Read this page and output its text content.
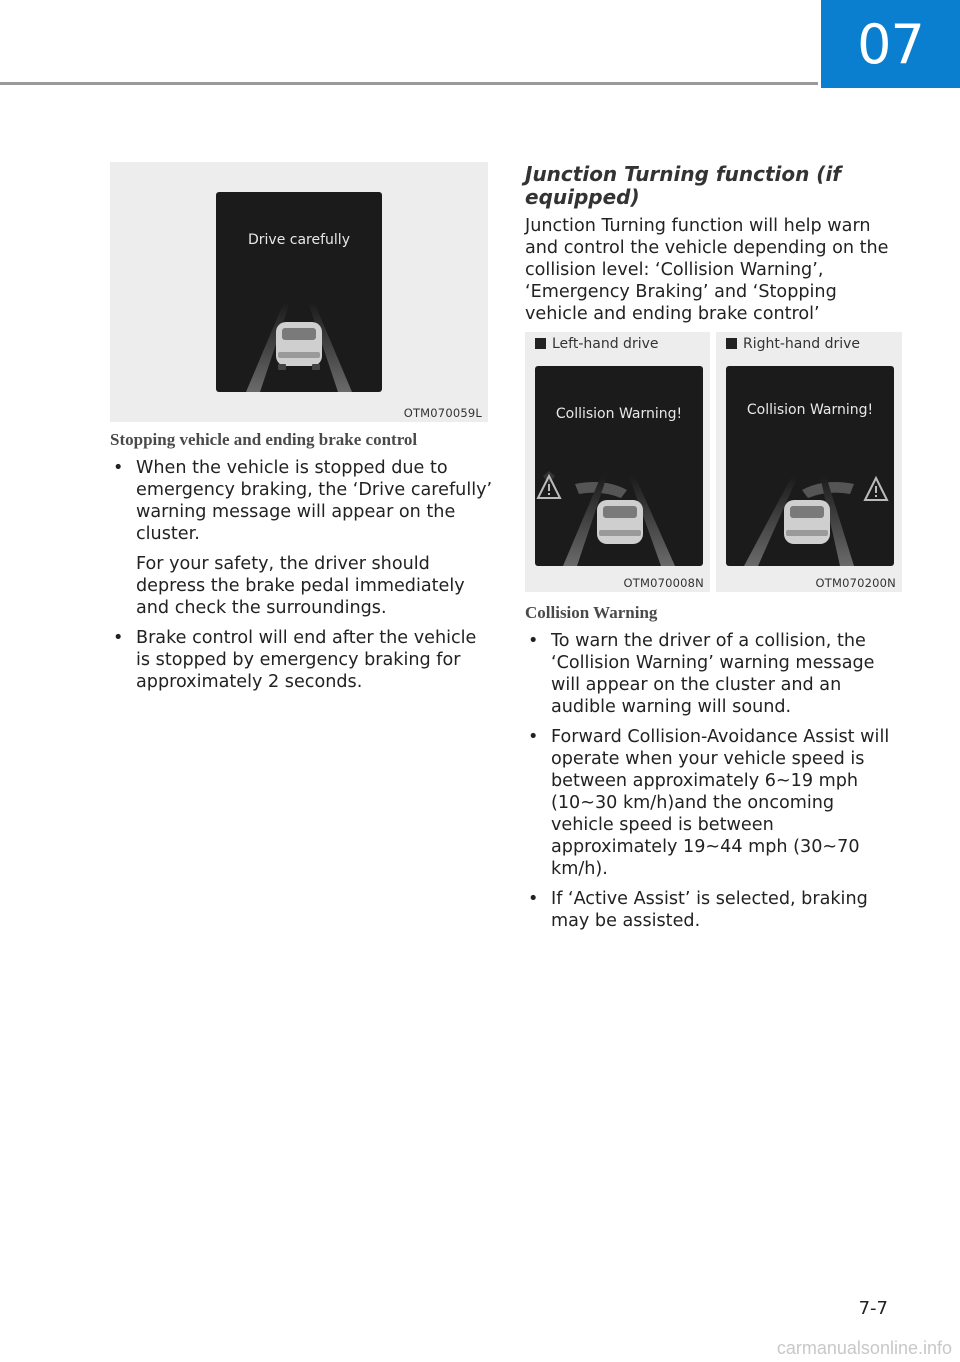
07
Drive carefully
OTM070059L
Stopping vehicle and ending brake control

• When the vehicle is stopped due to emergency braking, the ‘Drive carefully’ warning message will appear on the cluster.

For your safety, the driver should depress the brake pedal immediately and check the surroundings.

• Brake control will end after the vehicle is stopped by emergency braking for approximately 2 seconds.

Junction Turning function (if equipped)

Junction Turning function will help warn and control the vehicle depending on the collision level: ‘Collision Warning’, ‘Emergency Braking’ and ‘Stopping vehicle and ending brake control’

Left-hand drive
Collision Warning!
OTM070008N
Right-hand drive
Collision Warning!
OTM070200N
Collision Warning
• To warn the driver of a collision, the ‘Collision Warning’ warning message will appear on the cluster and an audible warning will sound.
• Forward Collision-Avoidance Assist will operate when your vehicle speed is between approximately 6~19 mph (10~30 km/h)and the oncoming vehicle speed is between approximately 19~44 mph (30~70 km/h).
• If ‘Active Assist’ is selected, braking may be assisted.
7-7
carmanualsonline.info
